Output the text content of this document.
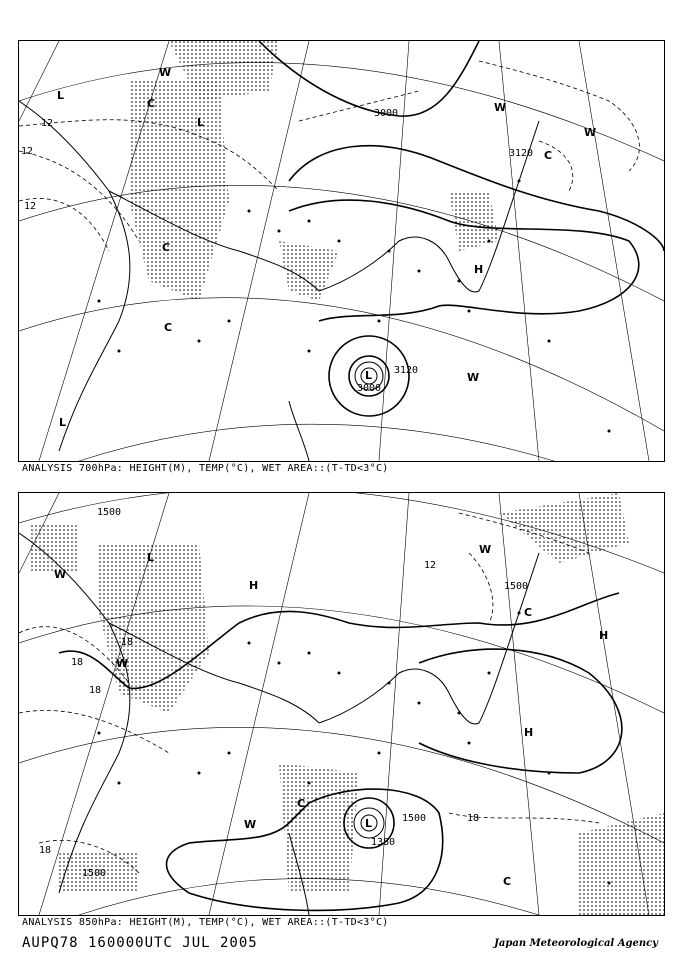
3000
3120
3120
3000
L
12
12
12
L
L
L
C
C
C
C
H
W
W
W
W
ANALYSIS 700hPa: HEIGHT(M), TEMP(°C), WET AREA::(T-TD<3°C)
1500
1500
1500
1500
1380
L
18
18
18
18
18
12
L
H
H
H
C
C
C
W
W
W
W
ANALYSIS 850hPa: HEIGHT(M), TEMP(°C), WET AREA::(T-TD<3°C)
AUPQ78 160000UTC JUL 2005	Japan Meteorological Agency
